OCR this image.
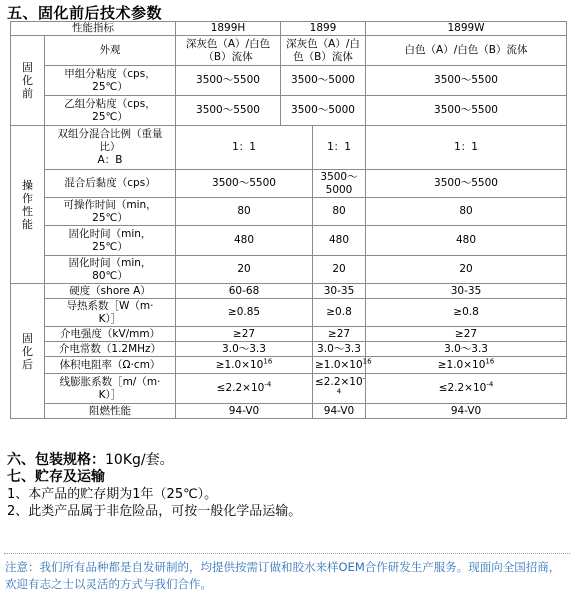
五、固化前后技术参数
性能指标		1899H	1899		1899W
固
化
前	外观	深灰色（A）/白色
（B）流体	深灰色（A）/白
色（B）流体		白色（A）/白色（B）流体
	甲组分粘度（cps，
25℃）	3500～5500	3500～5000		3500～5500
	乙组分粘度（cps，
25℃）	3500～5500	3500～5000		3500～5500
操
作
性
能	双组分混合比例（重量
比）
A：B	1：1		1：1	1：1
	混合后黏度（cps）	3500～5500		3500～
5000	3500～5500
	可操作时间（min，
25℃）	80		80	80
	固化时间（min，
25℃）	480		480	480
	固化时间（min，
80℃）	20		20	20
固
化
后	硬度（shore A）	60-68		30-35	30-35
	导热系数［W（m·
K）］	≥0.85		≥0.8	≥0.8
	介电强度（kV/mm）	≥27		≥27	≥27
	介电常数（1.2MHz）	3.0～3.3		3.0～3.3	3.0～3.3
	体积电阻率（Ω·cm）	$\ge 1.0\times 10^{16}$		$\ge 1.0\times 10^{16}$	$\ge 1.0\times 10^{16}$
	线膨胀系数［m/（m·
K）］	$\le 2.2\times 10^{-4}$		$\le 2.2\times 10^{-4}$	$\le 2.2\times 10^{-4}$
	阻燃性能	94-V0		94-V0	94-V0
六、包装规格：10Kg/套。
七、贮存及运输
1、本产品的贮存期为1年（25℃）。
2、此类产品属于非危险品，可按一般化学品运输。
注意：我们所有品种都是自发研制的，均提供按需订做和胶水来样OEM合作研发生产服务。现面向全国招商，欢迎有志之士以灵活的方式与我们合作。
